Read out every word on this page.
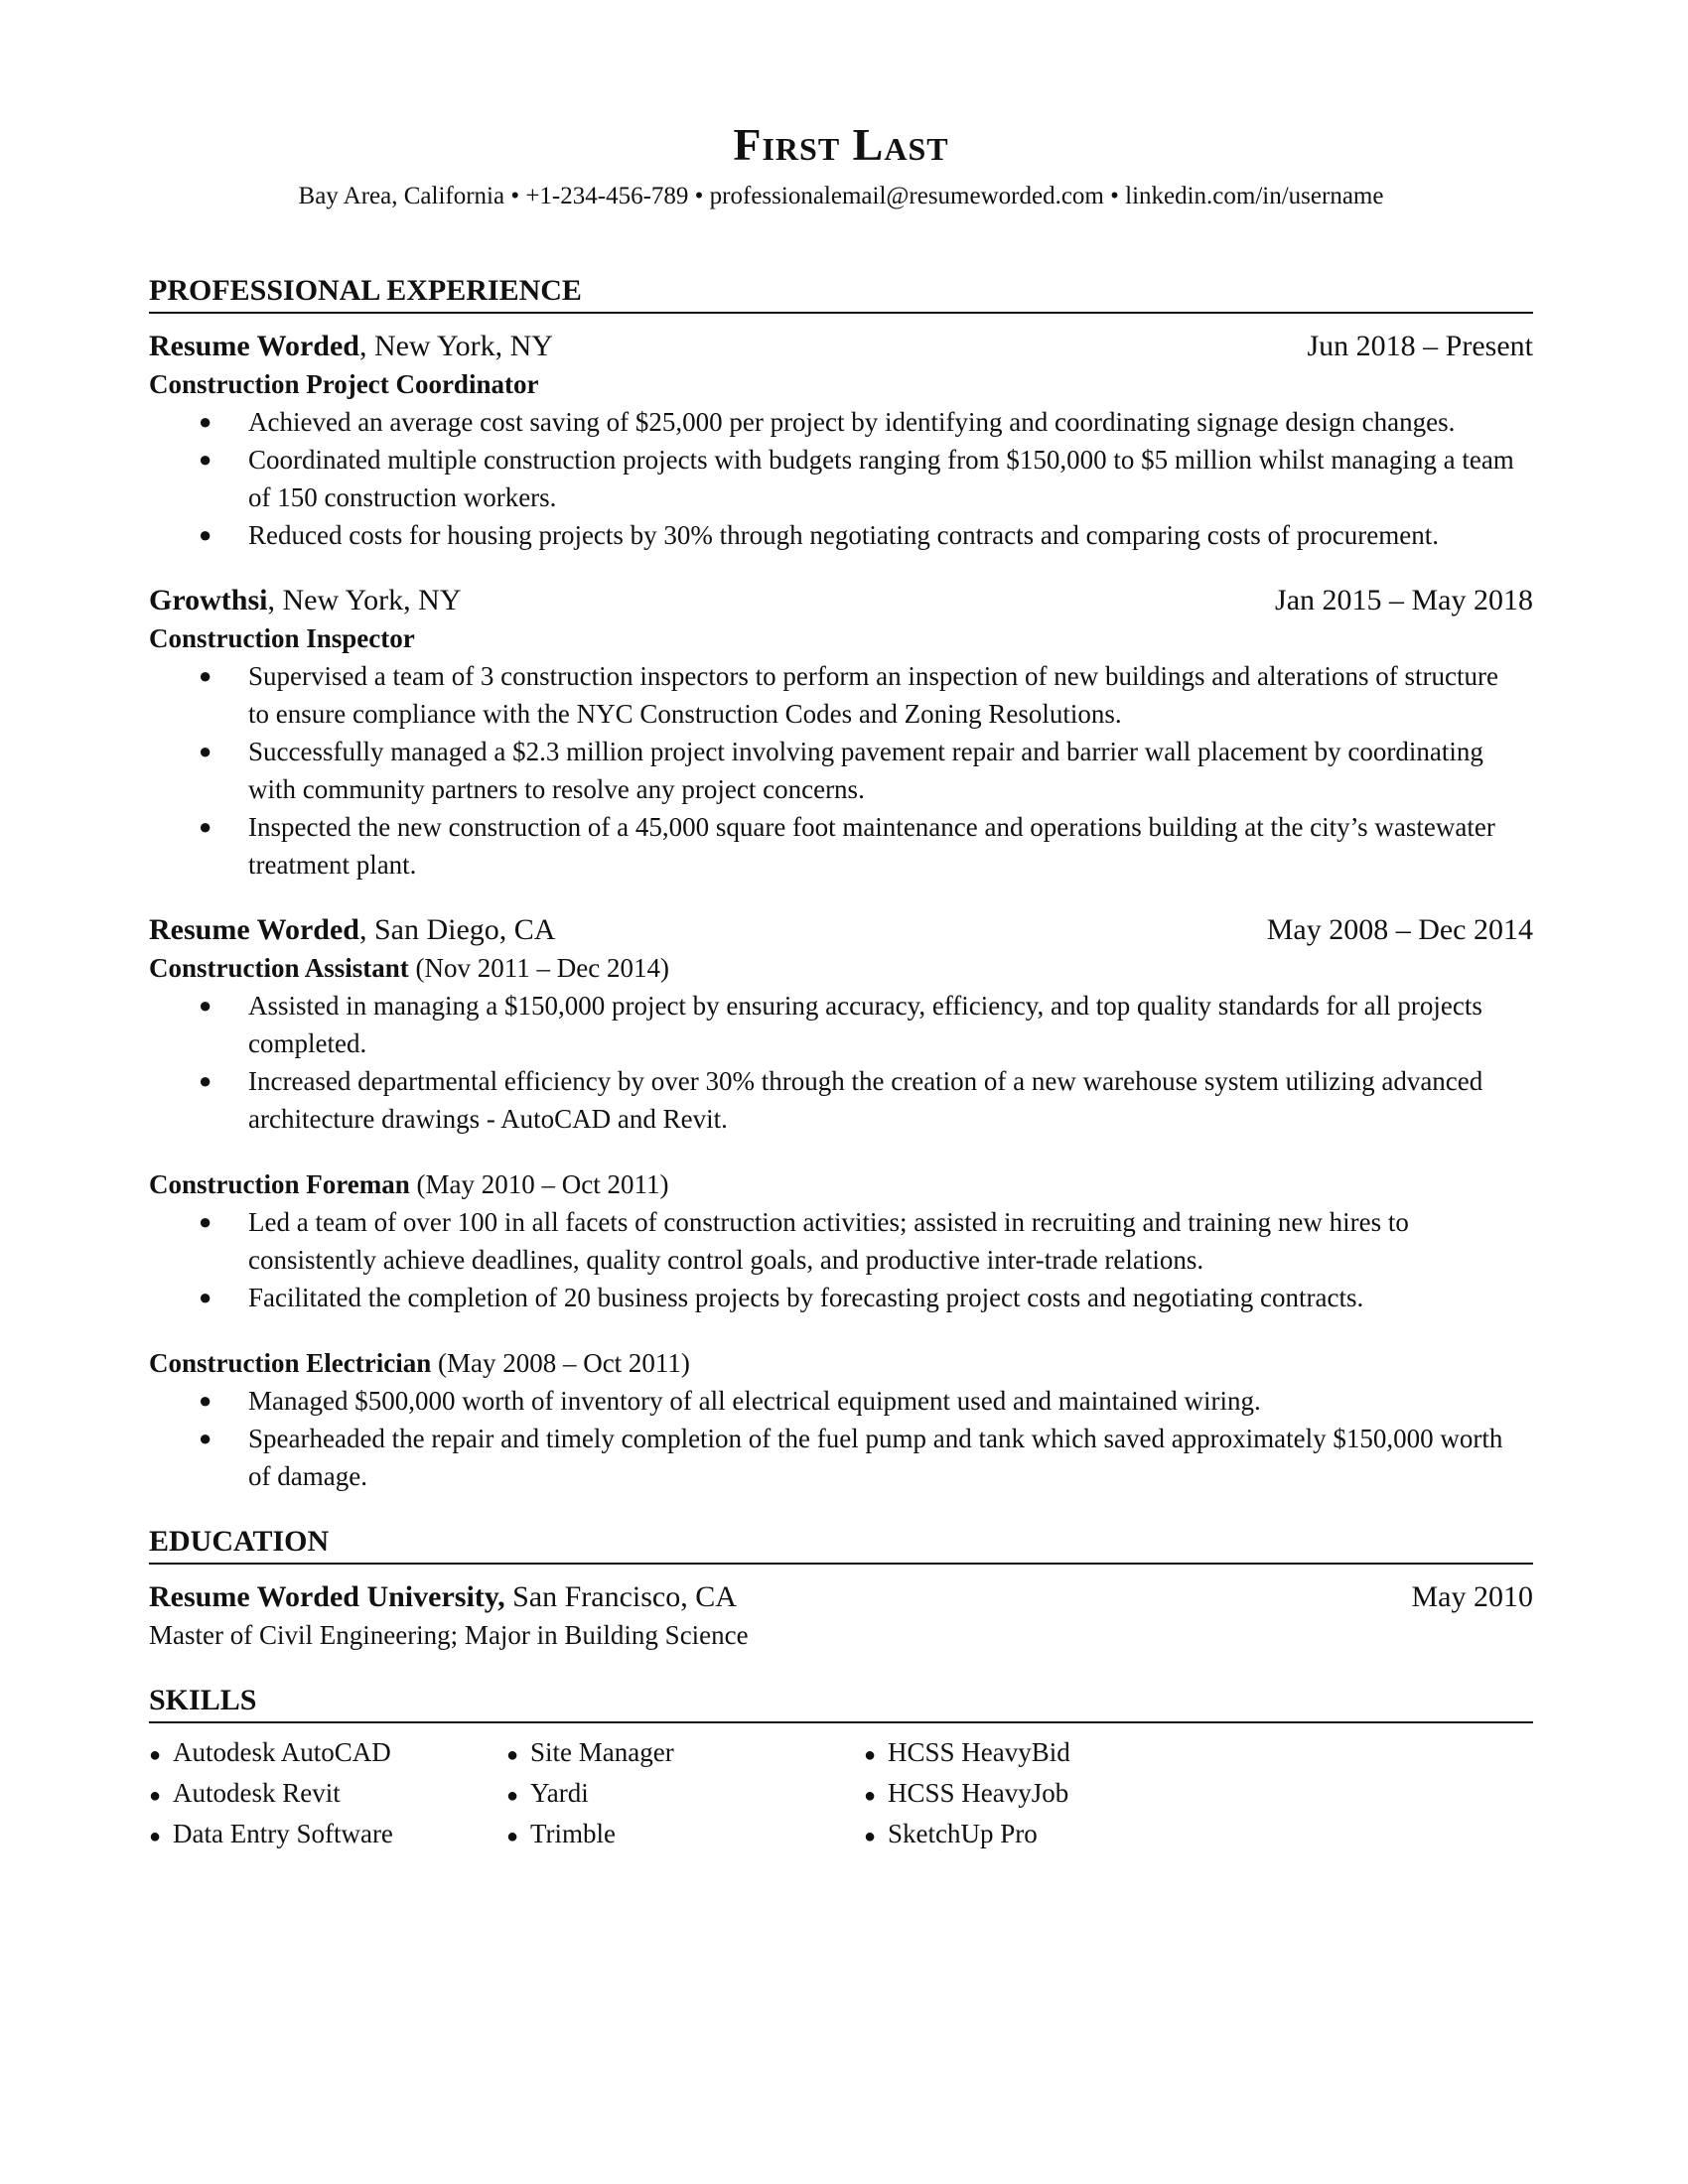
First Last
Bay Area, California • +1-234-456-789 • professionalemail@resumeworded.com • linkedin.com/in/username
PROFESSIONAL EXPERIENCE
Resume Worded, New York, NY	Jun 2018 – Present
Construction Project Coordinator
● Achieved an average cost saving of $25,000 per project by identifying and coordinating signage design changes.
● Coordinated multiple construction projects with budgets ranging from $150,000 to $5 million whilst managing a team of 150 construction workers.
● Reduced costs for housing projects by 30% through negotiating contracts and comparing costs of procurement.
Growthsi, New York, NY	Jan 2015 – May 2018
Construction Inspector
● Supervised a team of 3 construction inspectors to perform an inspection of new buildings and alterations of structure to ensure compliance with the NYC Construction Codes and Zoning Resolutions.
● Successfully managed a $2.3 million project involving pavement repair and barrier wall placement by coordinating with community partners to resolve any project concerns.
● Inspected the new construction of a 45,000 square foot maintenance and operations building at the city’s wastewater treatment plant.
Resume Worded, San Diego, CA	May 2008 – Dec 2014
Construction Assistant (Nov 2011 – Dec 2014)
● Assisted in managing a $150,000 project by ensuring accuracy, efficiency, and top quality standards for all projects completed.
● Increased departmental efficiency by over 30% through the creation of a new warehouse system utilizing advanced architecture drawings - AutoCAD and Revit.
Construction Foreman (May 2010 – Oct 2011)
● Led a team of over 100 in all facets of construction activities; assisted in recruiting and training new hires to consistently achieve deadlines, quality control goals, and productive inter-trade relations.
● Facilitated the completion of 20 business projects by forecasting project costs and negotiating contracts.
Construction Electrician (May 2008 – Oct 2011)
● Managed $500,000 worth of inventory of all electrical equipment used and maintained wiring.
● Spearheaded the repair and timely completion of the fuel pump and tank which saved approximately $150,000 worth of damage.
EDUCATION
Resume Worded University, San Francisco, CA	May 2010
Master of Civil Engineering; Major in Building Science
SKILLS
● Autodesk AutoCAD
● Autodesk Revit
● Data Entry Software
● Site Manager
● Yardi
● Trimble
● HCSS HeavyBid
● HCSS HeavyJob
● SketchUp Pro
